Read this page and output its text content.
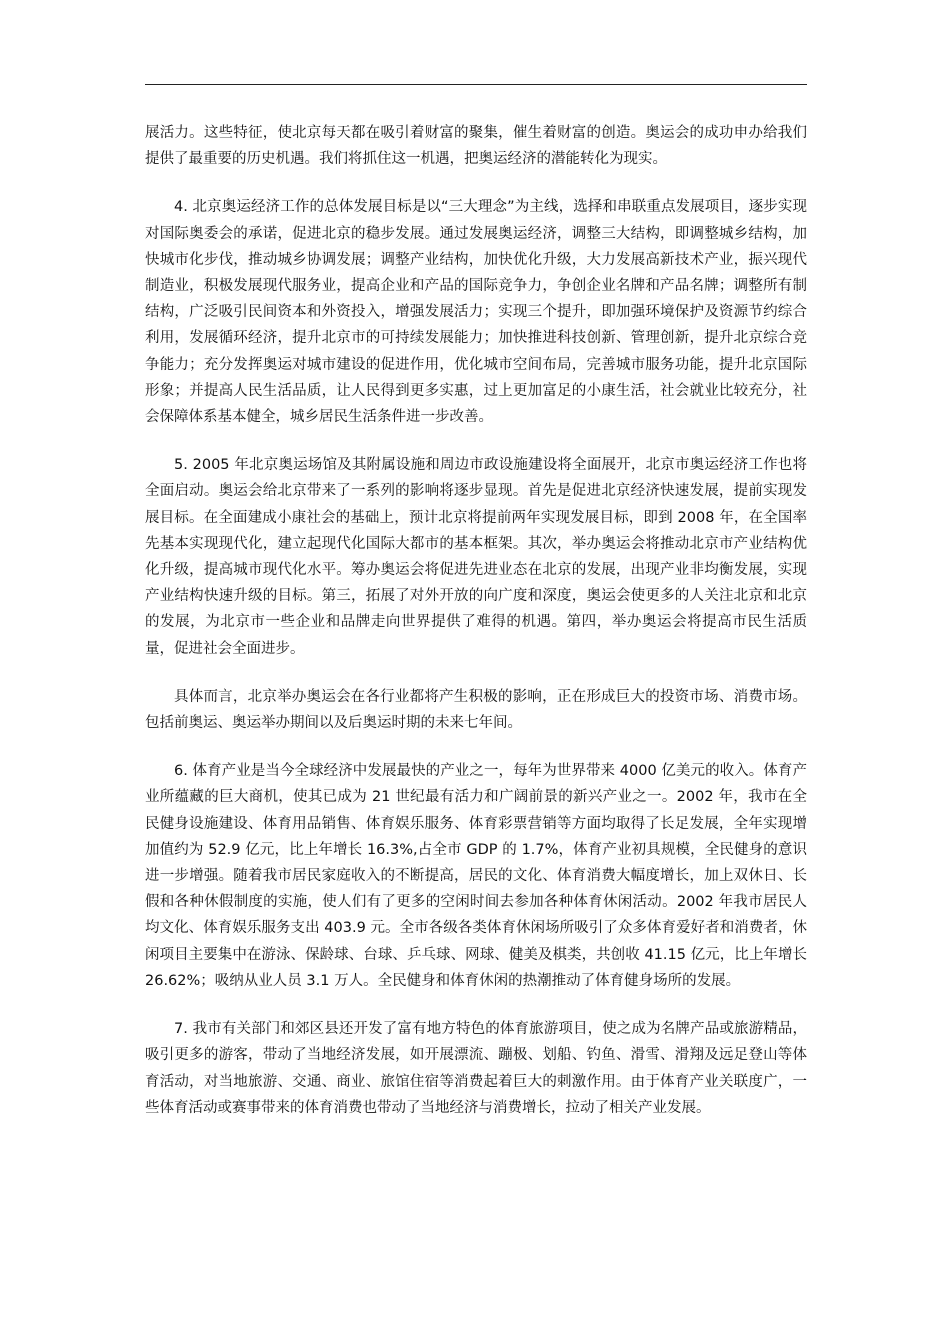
展活力。这些特征，使北京每天都在吸引着财富的聚集，催生着财富的创造。奥运会的成功申办给我们提供了最重要的历史机遇。我们将抓住这一机遇，把奥运经济的潜能转化为现实。

4. 北京奥运经济工作的总体发展目标是以“三大理念”为主线，选择和串联重点发展项目，逐步实现对国际奥委会的承诺，促进北京的稳步发展。通过发展奥运经济，调整三大结构，即调整城乡结构，加快城市化步伐，推动城乡协调发展；调整产业结构，加快优化升级，大力发展高新技术产业，振兴现代制造业，积极发展现代服务业，提高企业和产品的国际竞争力，争创企业名牌和产品名牌；调整所有制结构，广泛吸引民间资本和外资投入，增强发展活力；实现三个提升，即加强环境保护及资源节约综合利用，发展循环经济，提升北京市的可持续发展能力；加快推进科技创新、管理创新，提升北京综合竞争能力；充分发挥奥运对城市建设的促进作用，优化城市空间布局，完善城市服务功能，提升北京国际形象；并提高人民生活品质，让人民得到更多实惠，过上更加富足的小康生活，社会就业比较充分，社会保障体系基本健全，城乡居民生活条件进一步改善。

5. 2005 年北京奥运场馆及其附属设施和周边市政设施建设将全面展开，北京市奥运经济工作也将全面启动。奥运会给北京带来了一系列的影响将逐步显现。首先是促进北京经济快速发展，提前实现发展目标。在全面建成小康社会的基础上，预计北京将提前两年实现发展目标，即到 2008 年，在全国率先基本实现现代化，建立起现代化国际大都市的基本框架。其次，举办奥运会将推动北京市产业结构优化升级，提高城市现代化水平。筹办奥运会将促进先进业态在北京的发展，出现产业非均衡发展，实现产业结构快速升级的目标。第三，拓展了对外开放的向广度和深度，奥运会使更多的人关注北京和北京的发展，为北京市一些企业和品牌走向世界提供了难得的机遇。第四，举办奥运会将提高市民生活质量，促进社会全面进步。

具体而言，北京举办奥运会在各行业都将产生积极的影响，正在形成巨大的投资市场、消费市场。包括前奥运、奥运举办期间以及后奥运时期的未来七年间。

6. 体育产业是当今全球经济中发展最快的产业之一，每年为世界带来 4000 亿美元的收入。体育产业所蕴藏的巨大商机，使其已成为 21 世纪最有活力和广阔前景的新兴产业之一。2002 年，我市在全民健身设施建设、体育用品销售、体育娱乐服务、体育彩票营销等方面均取得了长足发展，全年实现增加值约为 52.9 亿元，比上年增长 16.3%,占全市 GDP 的 1.7%，体育产业初具规模，全民健身的意识进一步增强。随着我市居民家庭收入的不断提高，居民的文化、体育消费大幅度增长，加上双休日、长假和各种休假制度的实施，使人们有了更多的空闲时间去参加各种体育休闲活动。2002 年我市居民人均文化、体育娱乐服务支出 403.9 元。全市各级各类体育休闲场所吸引了众多体育爱好者和消费者，休闲项目主要集中在游泳、保龄球、台球、乒乓球、网球、健美及棋类，共创收 41.15 亿元，比上年增长 26.62%；吸纳从业人员 3.1 万人。全民健身和体育休闲的热潮推动了体育健身场所的发展。

7. 我市有关部门和郊区县还开发了富有地方特色的体育旅游项目，使之成为名牌产品或旅游精品，吸引更多的游客，带动了当地经济发展，如开展漂流、蹦极、划船、钓鱼、滑雪、滑翔及远足登山等体育活动，对当地旅游、交通、商业、旅馆住宿等消费起着巨大的刺激作用。由于体育产业关联度广，一些体育活动或赛事带来的体育消费也带动了当地经济与消费增长，拉动了相关产业发展。
